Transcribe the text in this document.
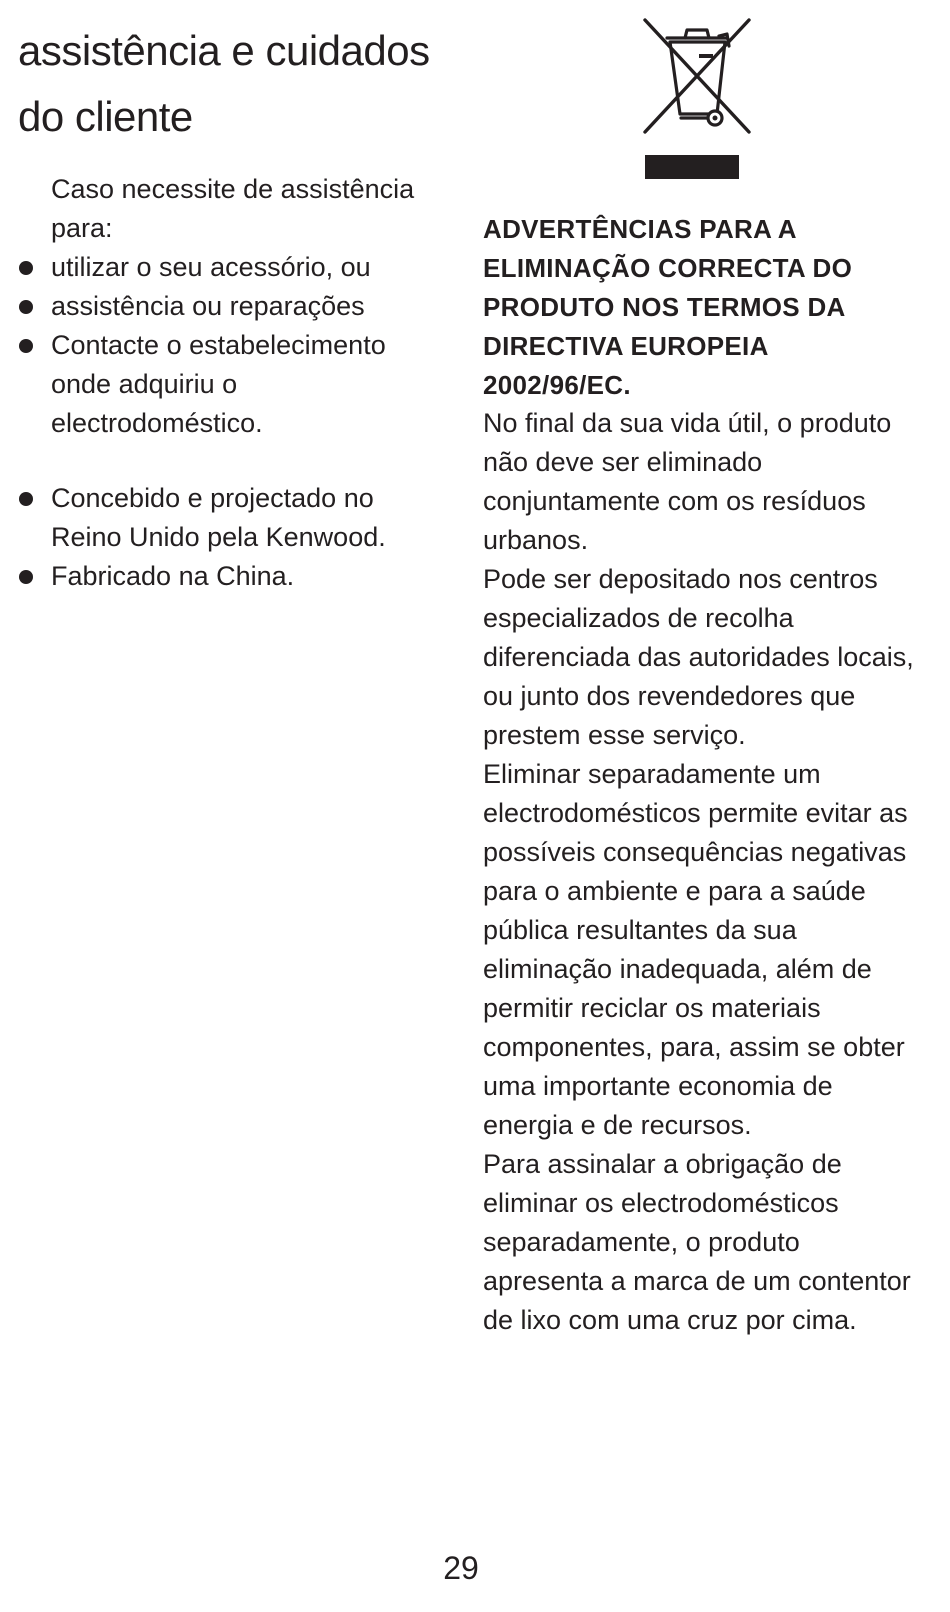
assistência e cuidados
do cliente

Caso necessite de assistência para:

utilizar o seu acessório, ou
assistência ou reparações
Contacte o estabelecimento onde adquiriu o electrodoméstico.
Concebido e projectado no Reino Unido pela Kenwood.
Fabricado na China.
ADVERTÊNCIAS PARA A ELIMINAÇÃO CORRECTA DO PRODUTO NOS TERMOS DA DIRECTIVA EUROPEIA 2002/96/EC.

No final da sua vida útil, o produto não deve ser eliminado conjuntamente com os resíduos urbanos.

Pode ser depositado nos centros especializados de recolha diferenciada das autoridades locais, ou junto dos revendedores que prestem esse serviço.

Eliminar separadamente um electrodomésticos permite evitar as possíveis consequências negativas para o ambiente e para a saúde pública resultantes da sua eliminação inadequada, além de permitir reciclar os materiais componentes, para, assim se obter uma importante economia de energia e de recursos.

Para assinalar a obrigação de eliminar os electrodomésticos separadamente, o produto apresenta a marca de um contentor de lixo com uma cruz por cima.

29
